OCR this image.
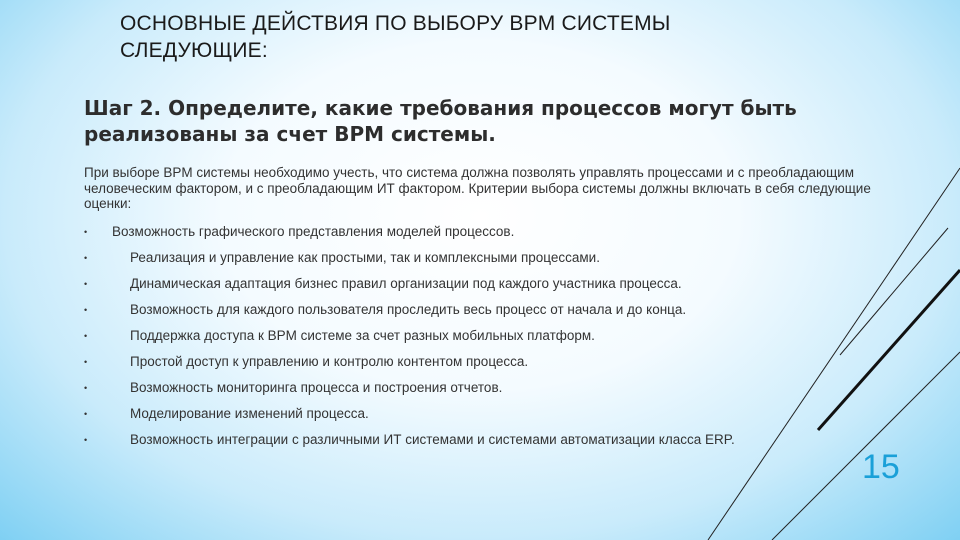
ОСНОВНЫЕ ДЕЙСТВИЯ ПО ВЫБОРУ BPM СИСТЕМЫ СЛЕДУЮЩИЕ:
Шаг 2. Определите, какие требования процессов могут быть реализованы за счет BPM системы.

При выборе BPM системы необходимо учесть, что система должна позволять управлять процессами и с преобладающим человеческим фактором, и с преобладающим ИТ фактором. Критерии выбора системы должны включать в себя следующие оценки:

•	Возможность графического представления моделей процессов.
•	Реализация и управление как простыми, так и комплексными процессами.
•	Динамическая адаптация бизнес правил организации под каждого участника процесса.
•	Возможность для каждого пользователя проследить весь процесс от начала и до конца.
•	Поддержка доступа к BPM системе за счет разных мобильных платформ.
•	Простой доступ к управлению и контролю контентом процесса.
•	Возможность мониторинга процесса и построения отчетов.
•	Моделирование изменений процесса.
•	Возможность интеграции с различными ИТ системами и системами автоматизации класса ERP.
15
